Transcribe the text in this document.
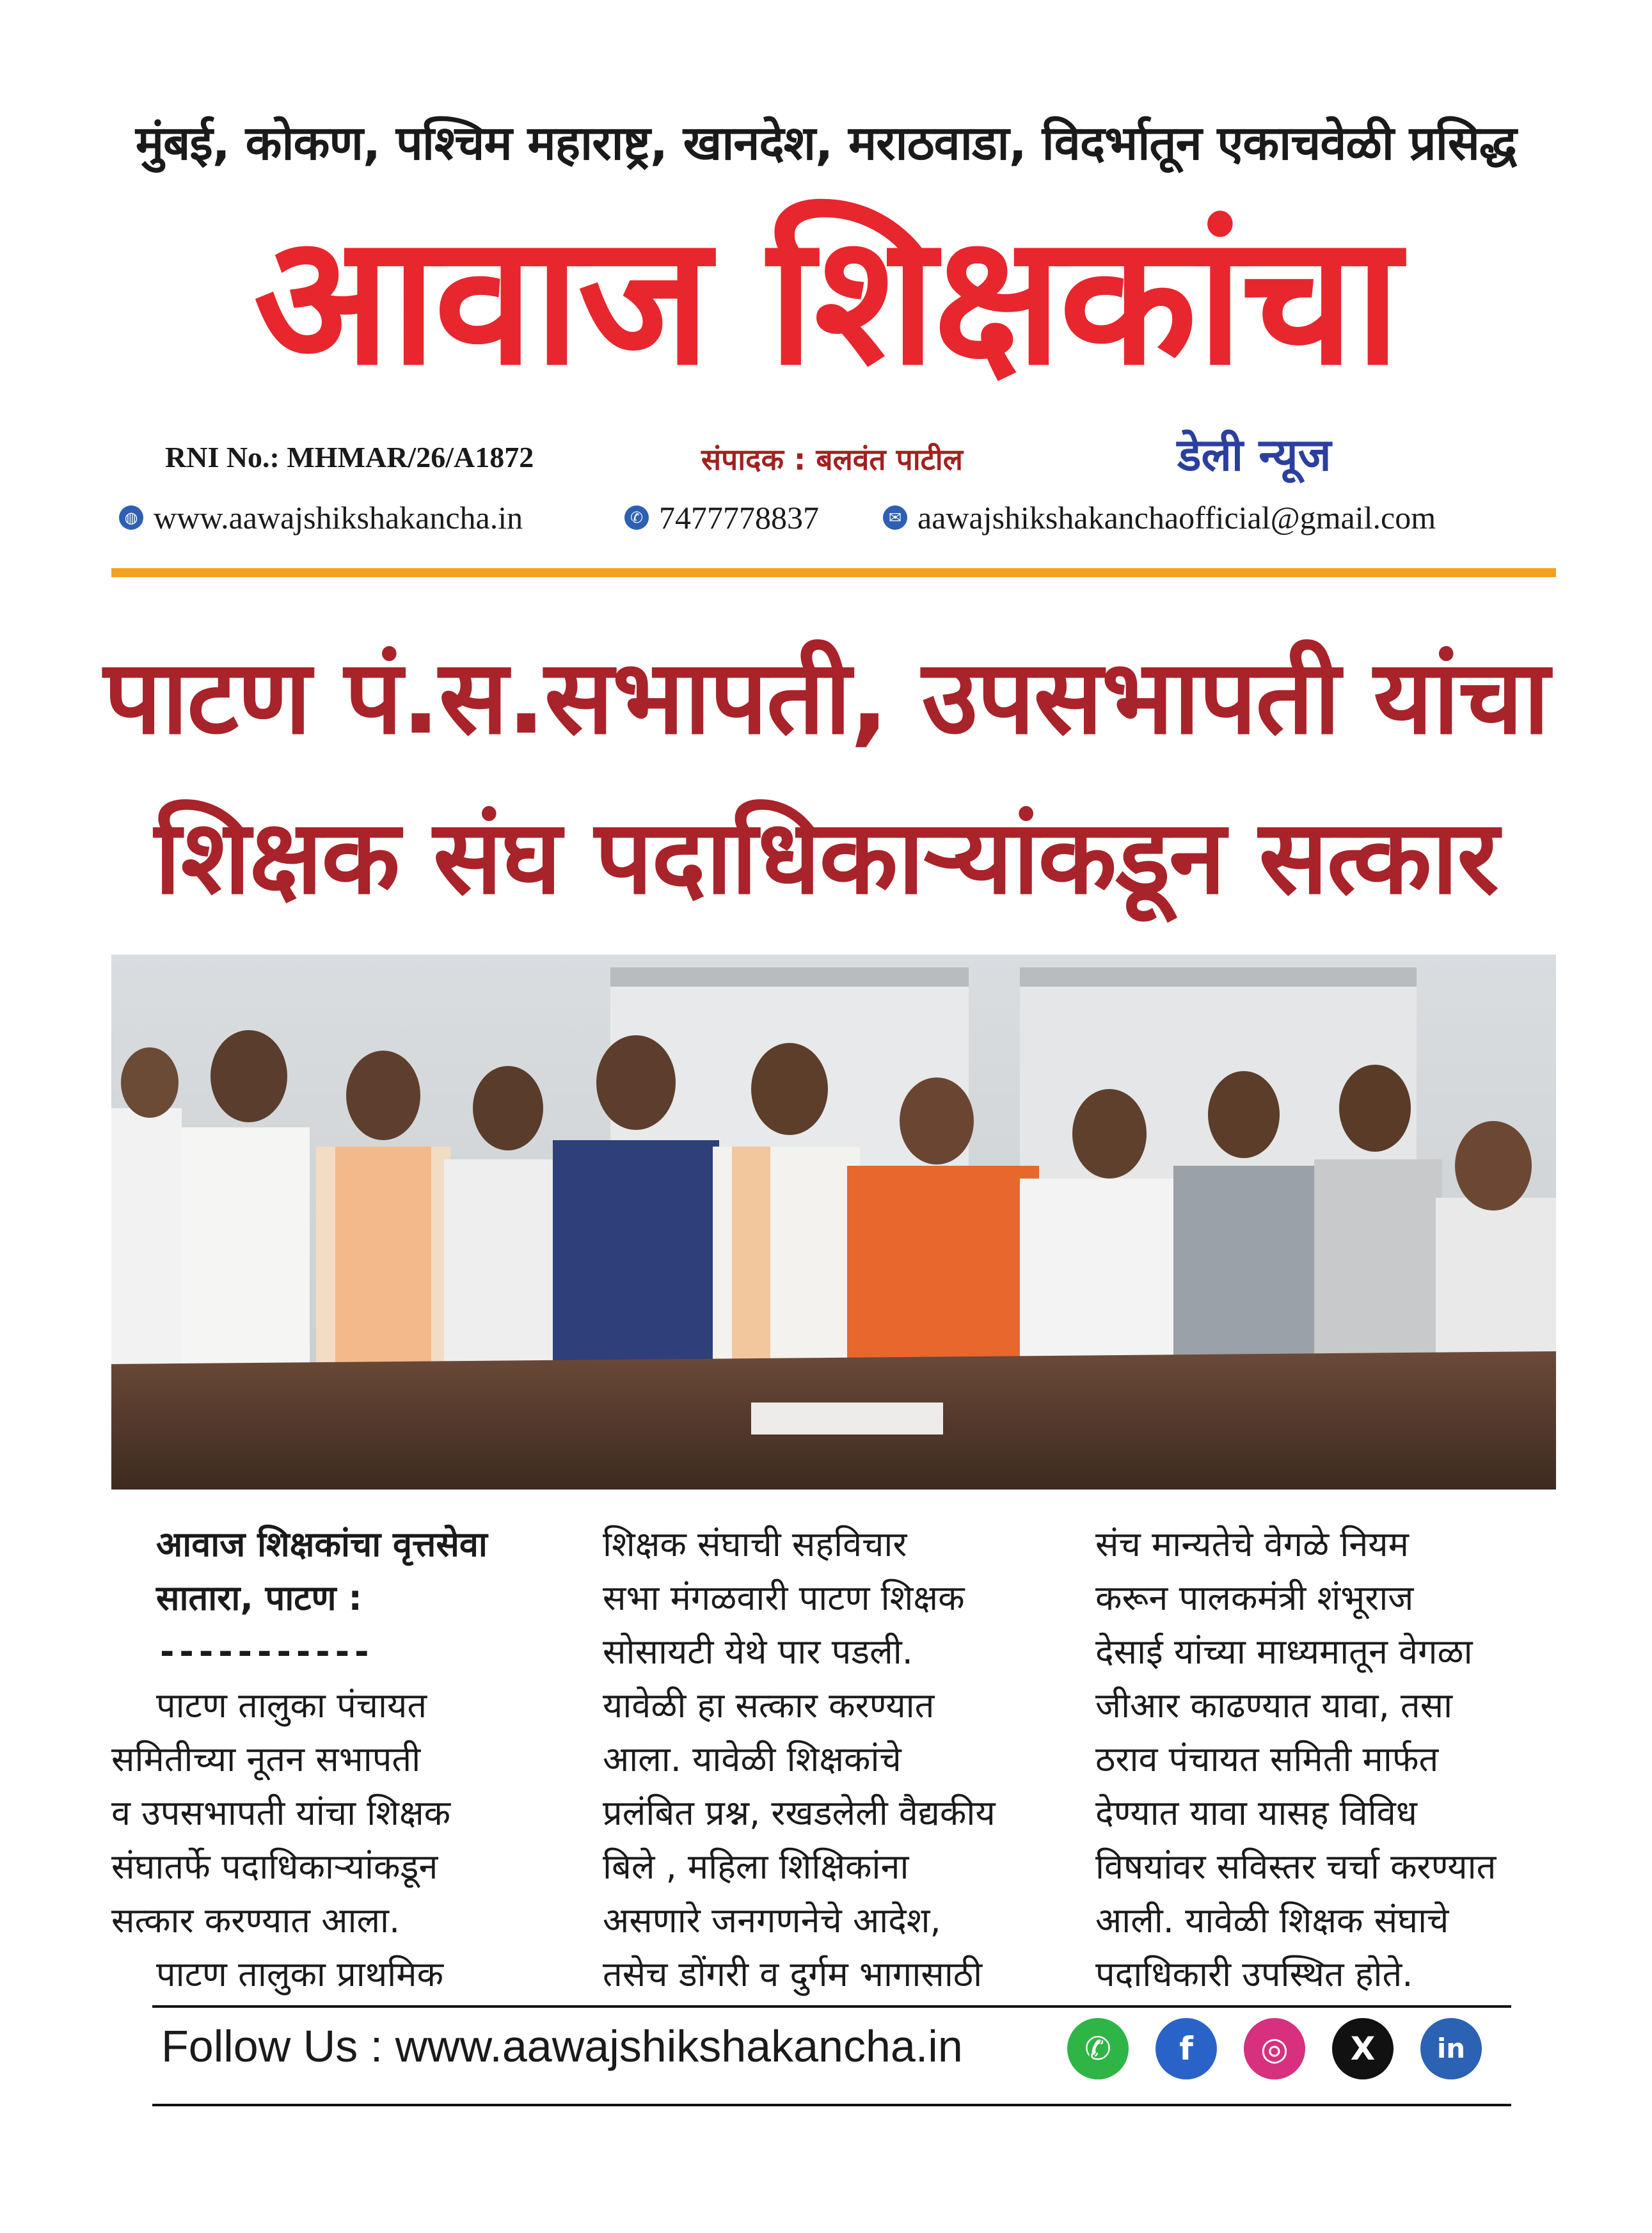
मुंबई, कोकण, पश्चिम महाराष्ट्र, खानदेश, मराठवाडा, विदर्भातून एकाचवेळी प्रसिद्ध
आवाज शिक्षकांचा
RNI No.: MHMAR/26/A1872	संपादक : बलवंत पाटील	डेली न्यूज
◍ www.aawajshikshakancha.in	✆ 7477778837	✉ aawajshikshakanchaofficial@gmail.com
पाटण पं.स.सभापती, उपसभापती यांचा
शिक्षक संघ पदाधिकाऱ्यांकडून सत्कार

आवाज शिक्षकांचा वृत्तसेवा

सातारा, पाटण :

-----------

पाटण तालुका पंचायत

समितीच्या नूतन सभापती

व उपसभापती यांचा शिक्षक

संघातर्फे पदाधिकाऱ्यांकडून

सत्कार करण्यात आला.

पाटण तालुका प्राथमिक

शिक्षक संघाची सहविचार

सभा मंगळवारी पाटण शिक्षक

सोसायटी येथे पार पडली.

यावेळी हा सत्कार करण्यात

आला. यावेळी शिक्षकांचे

प्रलंबित प्रश्न, रखडलेली वैद्यकीय

बिले , महिला शिक्षिकांना

असणारे जनगणनेचे आदेश,

तसेच डोंगरी व दुर्गम भागासाठी

संच मान्यतेचे वेगळे नियम

करून पालकमंत्री शंभूराज

देसाई यांच्या माध्यमातून वेगळा

जीआर काढण्यात यावा, तसा

ठराव पंचायत समिती मार्फत

देण्यात यावा यासह विविध

विषयांवर सविस्तर चर्चा करण्यात

आली. यावेळी शिक्षक संघाचे

पदाधिकारी उपस्थित होते.

Follow Us : www.aawajshikshakancha.in	✆	f	◎	X	in
